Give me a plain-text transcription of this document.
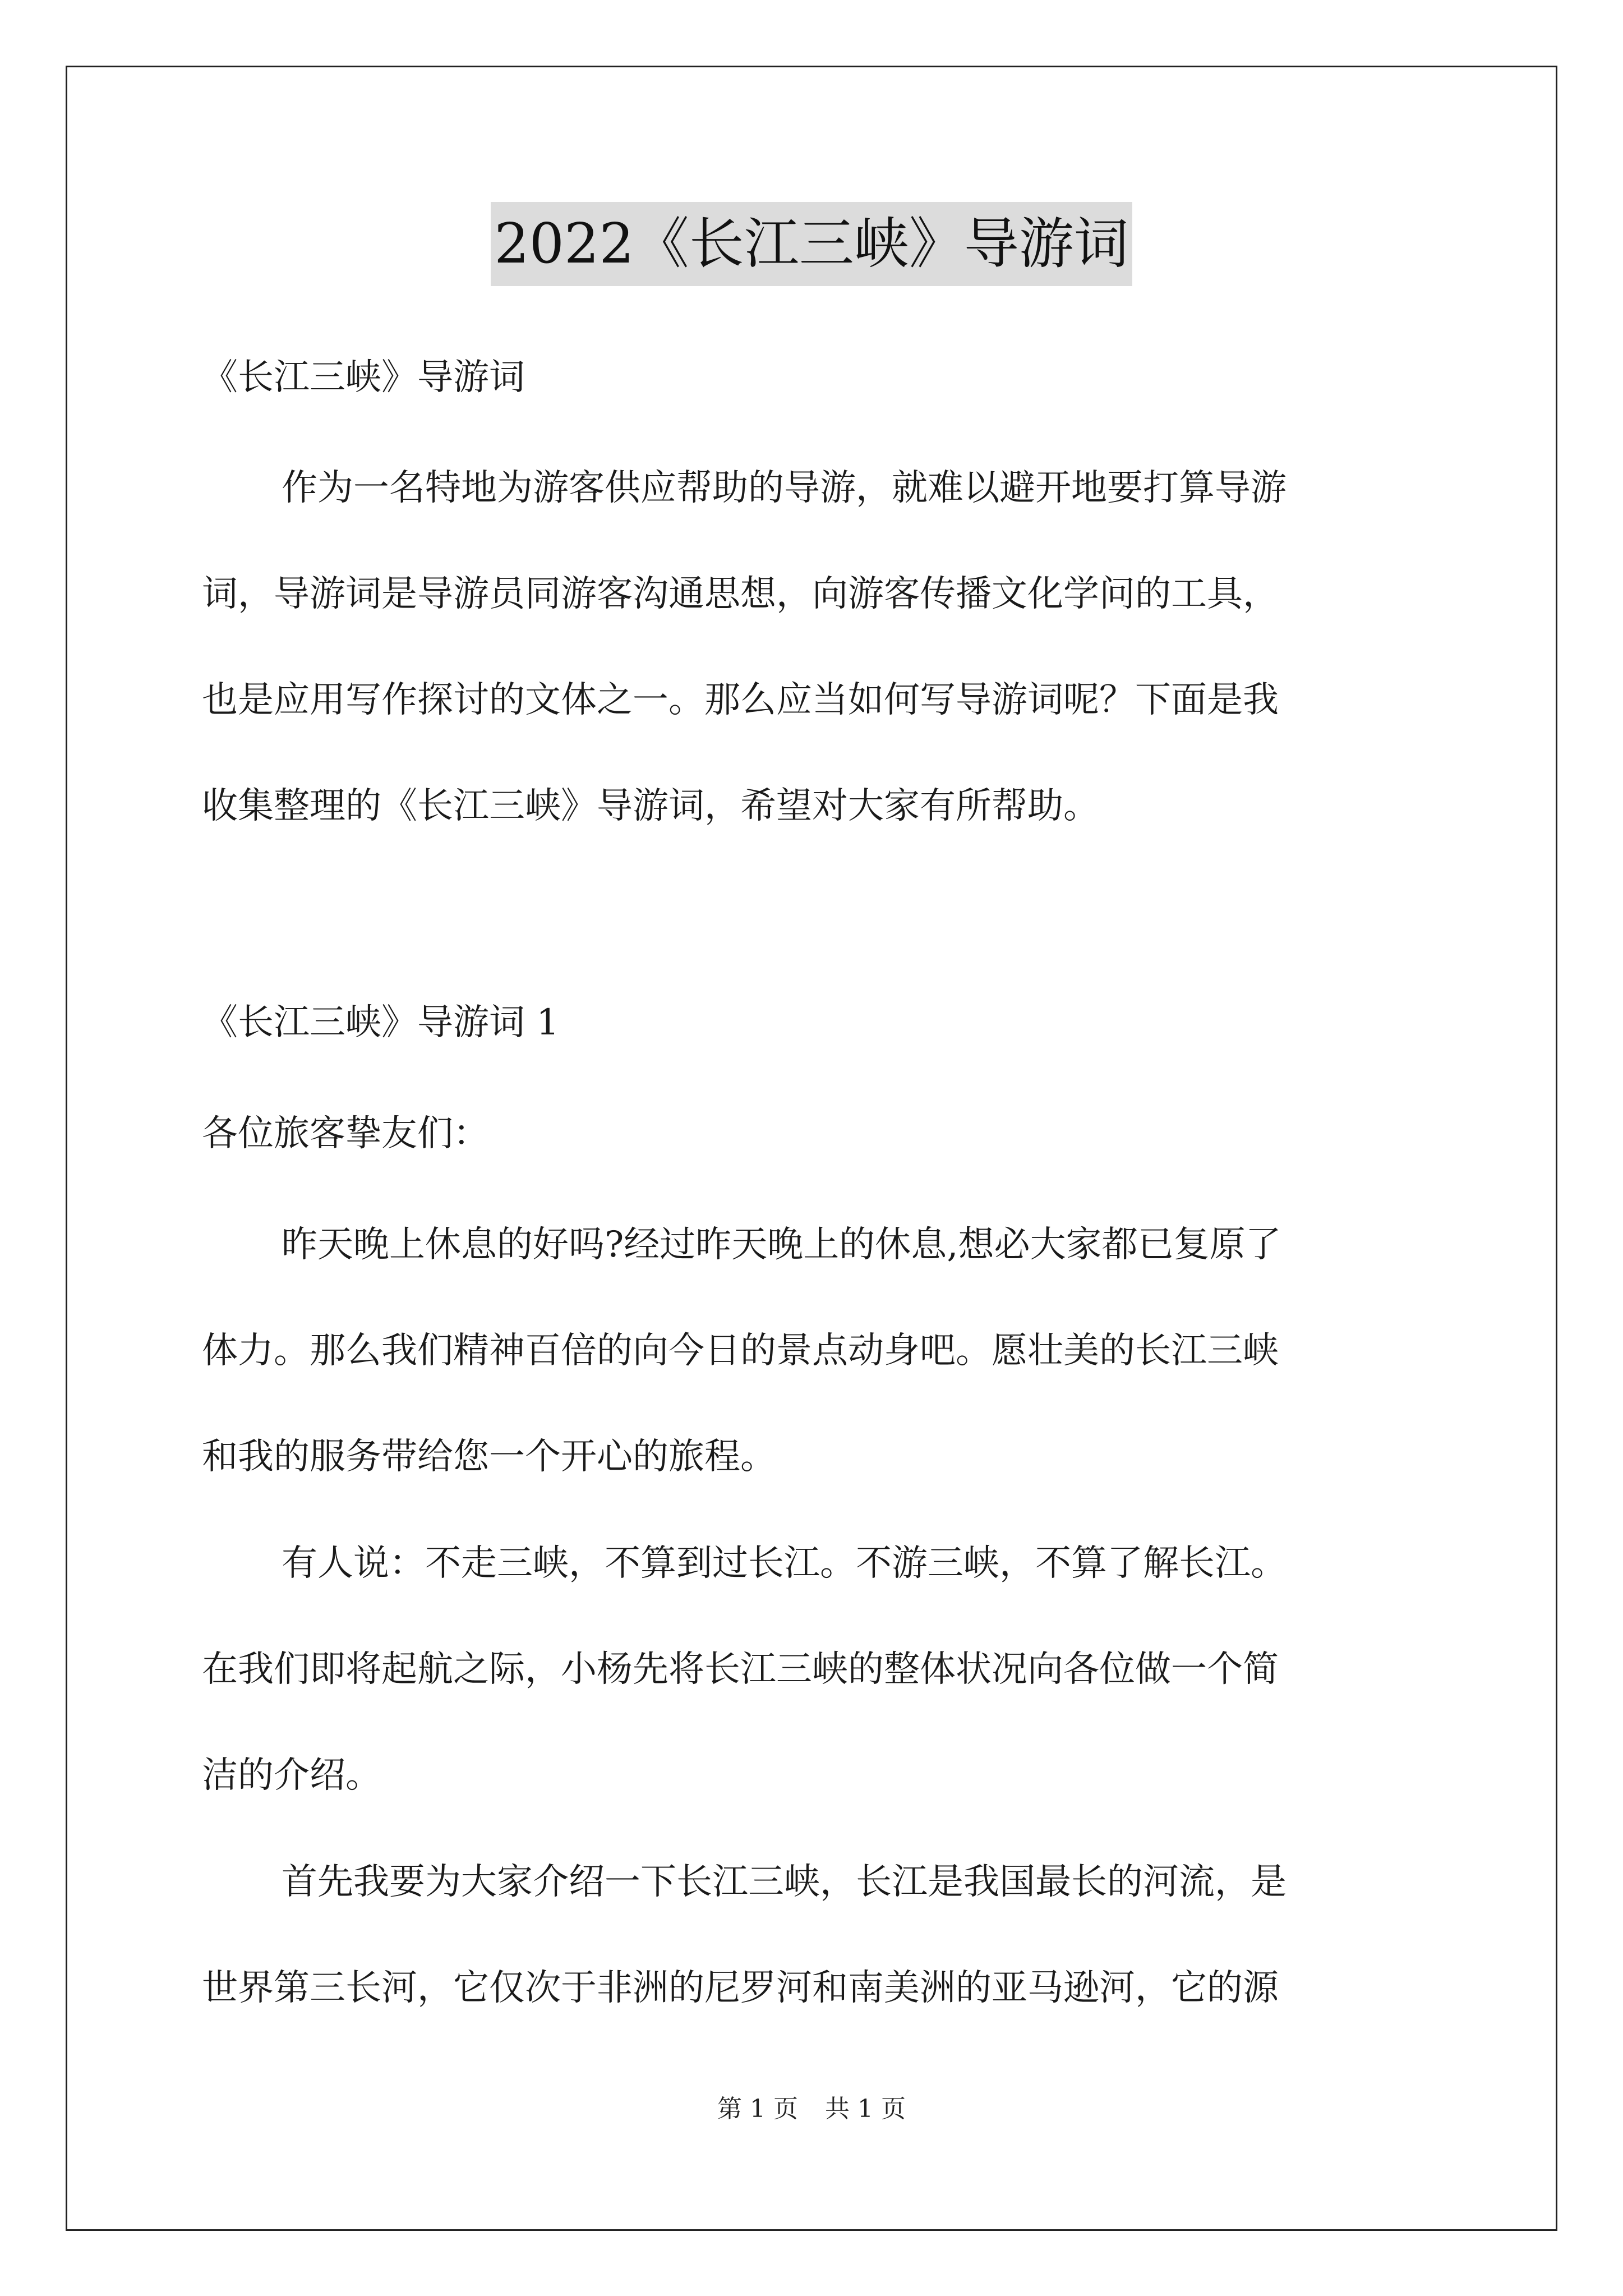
2022《长江三峡》导游词
《长江三峡》导游词
作为一名特地为游客供应帮助的导游，就难以避开地要打算导游
词，导游词是导游员同游客沟通思想，向游客传播文化学问的工具，
也是应用写作探讨的文体之一。那么应当如何写导游词呢？下面是我
收集整理的《长江三峡》导游词，希望对大家有所帮助。
《长江三峡》导游词 1
各位旅客挚友们：
昨天晚上休息的好吗?经过昨天晚上的休息,想必大家都已复原了
体力。那么我们精神百倍的向今日的景点动身吧。愿壮美的长江三峡
和我的服务带给您一个开心的旅程。
有人说：不走三峡，不算到过长江。不游三峡，不算了解长江。
在我们即将起航之际，小杨先将长江三峡的整体状况向各位做一个简
洁的介绍。
首先我要为大家介绍一下长江三峡，长江是我国最长的河流，是
世界第三长河，它仅次于非洲的尼罗河和南美洲的亚马逊河，它的源
第 1 页 共 1 页
